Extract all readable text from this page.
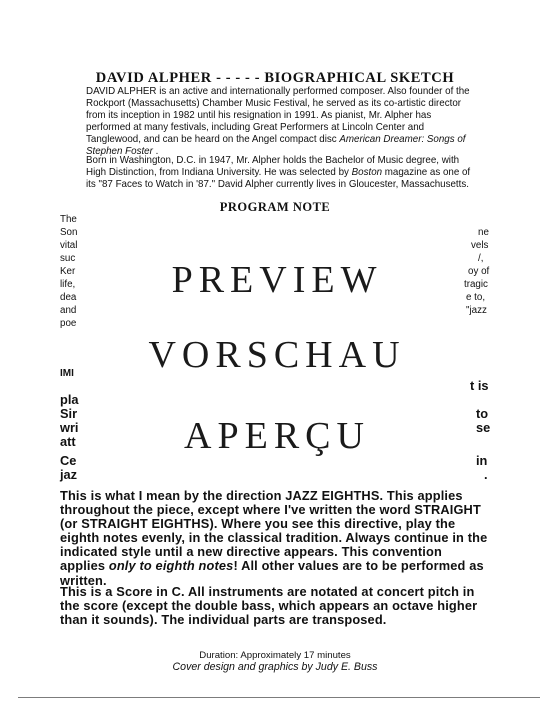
DAVID ALPHER - - - - - BIOGRAPHICAL SKETCH
DAVID ALPHER is an active and internationally performed composer. Also founder of the Rockport (Massachusetts) Chamber Music Festival, he served as its co-artistic director from its inception in 1982 until his resignation in 1991. As pianist, Mr. Alpher has performed at many festivals, including Great Performers at Lincoln Center and Tanglewood, and can be heard on the Angel compact disc American Dreamer: Songs of Stephen Foster .
Born in Washington, D.C. in 1947, Mr. Alpher holds the Bachelor of Music degree, with High Distinction, from Indiana University. He was selected by Boston magazine as one of its "87 Faces to Watch in '87." David Alpher currently lives in Gloucester, Massachusetts.
PROGRAM NOTE
The
Son
vital
suc
Ker
life,
dea
and
poe
ne
vels
/,
oy of
tragic
e to,
"jazz
IMI
pla
Sir
wri
att
Ce
jaz
t is
to
se
in
.
This is what I mean by the direction JAZZ EIGHTHS. This applies throughout the piece, except where I've written the word STRAIGHT (or STRAIGHT EIGHTHS). Where you see this directive, play the eighth notes evenly, in the classical tradition. Always continue in the indicated style until a new directive appears. This convention applies only to eighth notes! All other values are to be performed as written.
This is a Score in C. All instruments are notated at concert pitch in the score (except the double bass, which appears an octave higher than it sounds). The individual parts are transposed.
Duration: Approximately 17 minutes
Cover design and graphics by Judy E. Buss
PREVIEW
VORSCHAU
APERÇU
